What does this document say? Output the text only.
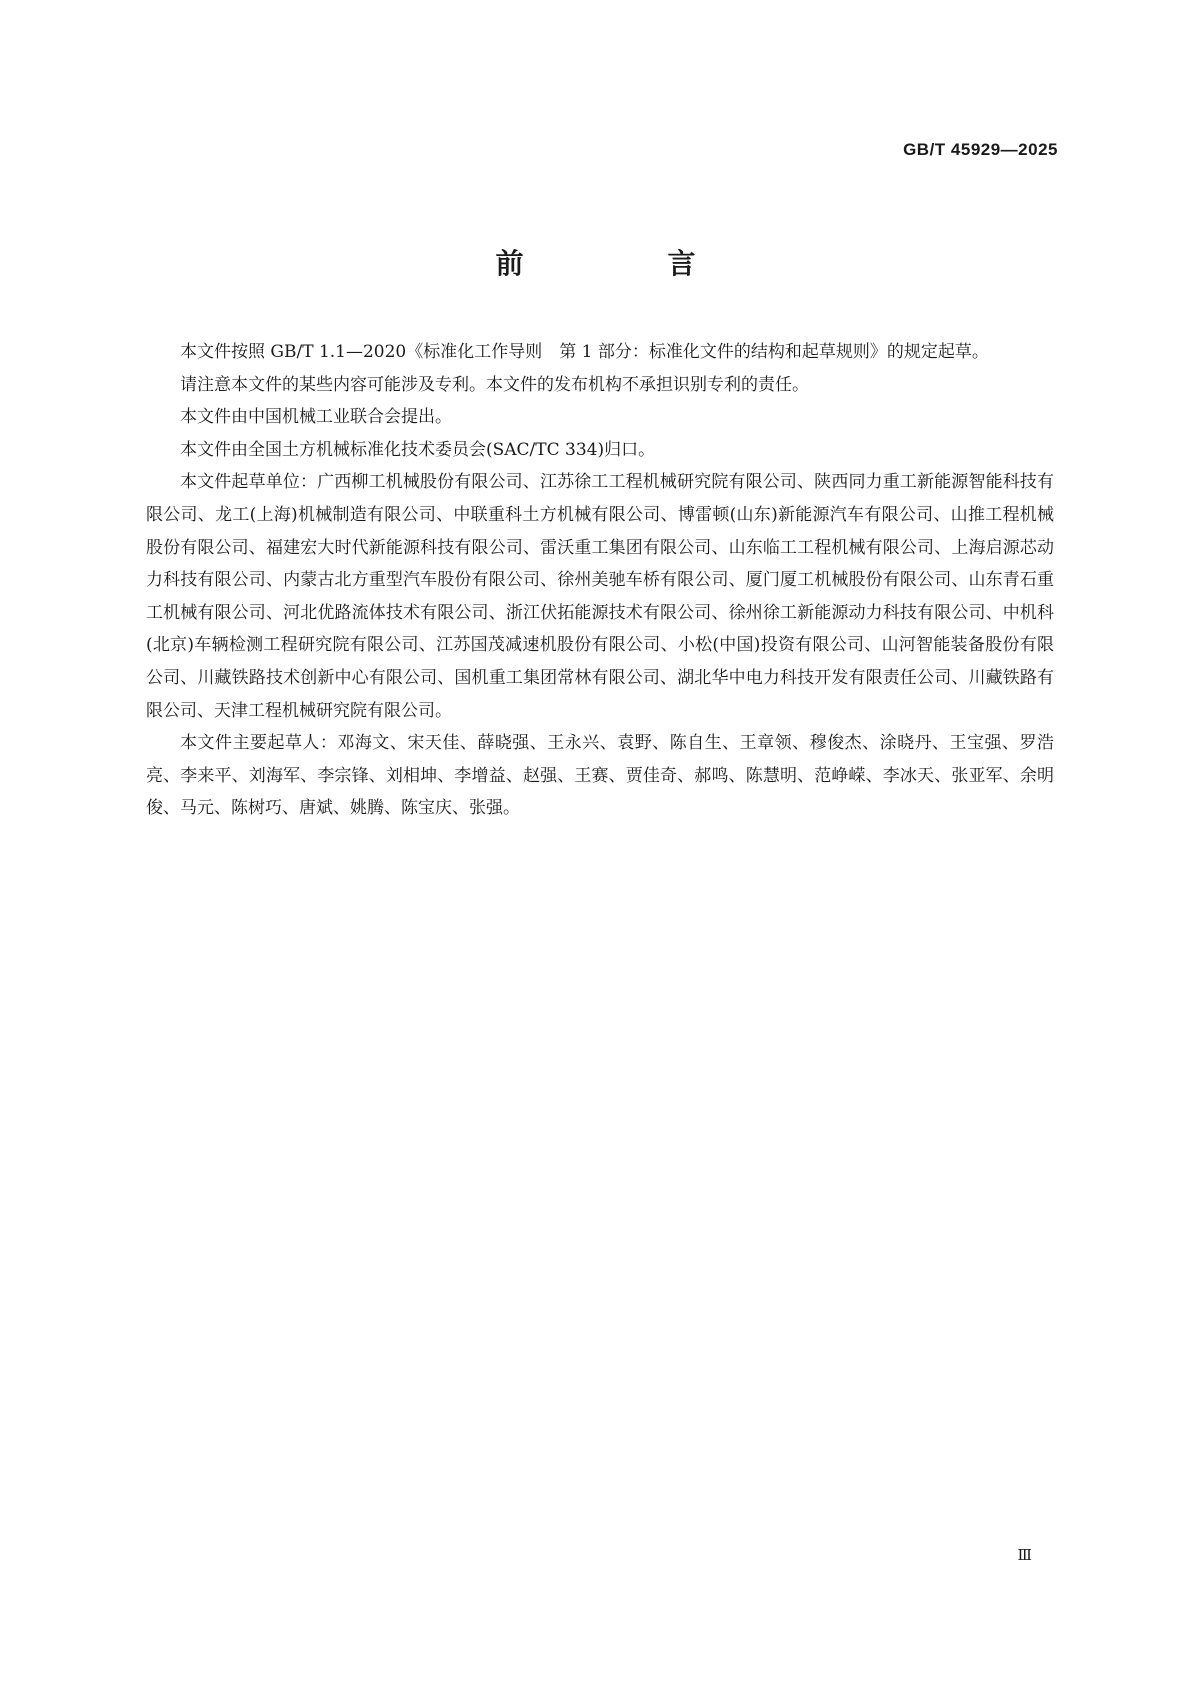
GB/T 45929—2025
前　言

本文件按照 GB/T 1.1—2020《标准化工作导则　第 1 部分：标准化文件的结构和起草规则》的规定起草。

请注意本文件的某些内容可能涉及专利。本文件的发布机构不承担识别专利的责任。

本文件由中国机械工业联合会提出。

本文件由全国土方机械标准化技术委员会(SAC/TC 334)归口。

本文件起草单位：广西柳工机械股份有限公司、江苏徐工工程机械研究院有限公司、陕西同力重工新能源智能科技有限公司、龙工(上海)机械制造有限公司、中联重科土方机械有限公司、博雷顿(山东)新能源汽车有限公司、山推工程机械股份有限公司、福建宏大时代新能源科技有限公司、雷沃重工集团有限公司、山东临工工程机械有限公司、上海启源芯动力科技有限公司、内蒙古北方重型汽车股份有限公司、徐州美驰车桥有限公司、厦门厦工机械股份有限公司、山东青石重工机械有限公司、河北优路流体技术有限公司、浙江伏拓能源技术有限公司、徐州徐工新能源动力科技有限公司、中机科(北京)车辆检测工程研究院有限公司、江苏国茂减速机股份有限公司、小松(中国)投资有限公司、山河智能装备股份有限公司、川藏铁路技术创新中心有限公司、国机重工集团常林有限公司、湖北华中电力科技开发有限责任公司、川藏铁路有限公司、天津工程机械研究院有限公司。

本文件主要起草人：邓海文、宋天佳、薛晓强、王永兴、袁野、陈自生、王章领、穆俊杰、涂晓丹、王宝强、罗浩亮、李来平、刘海军、李宗锋、刘相坤、李增益、赵强、王赛、贾佳奇、郝鸣、陈慧明、范峥嵘、李冰天、张亚军、余明俊、马元、陈树巧、唐斌、姚腾、陈宝庆、张强。

Ⅲ
